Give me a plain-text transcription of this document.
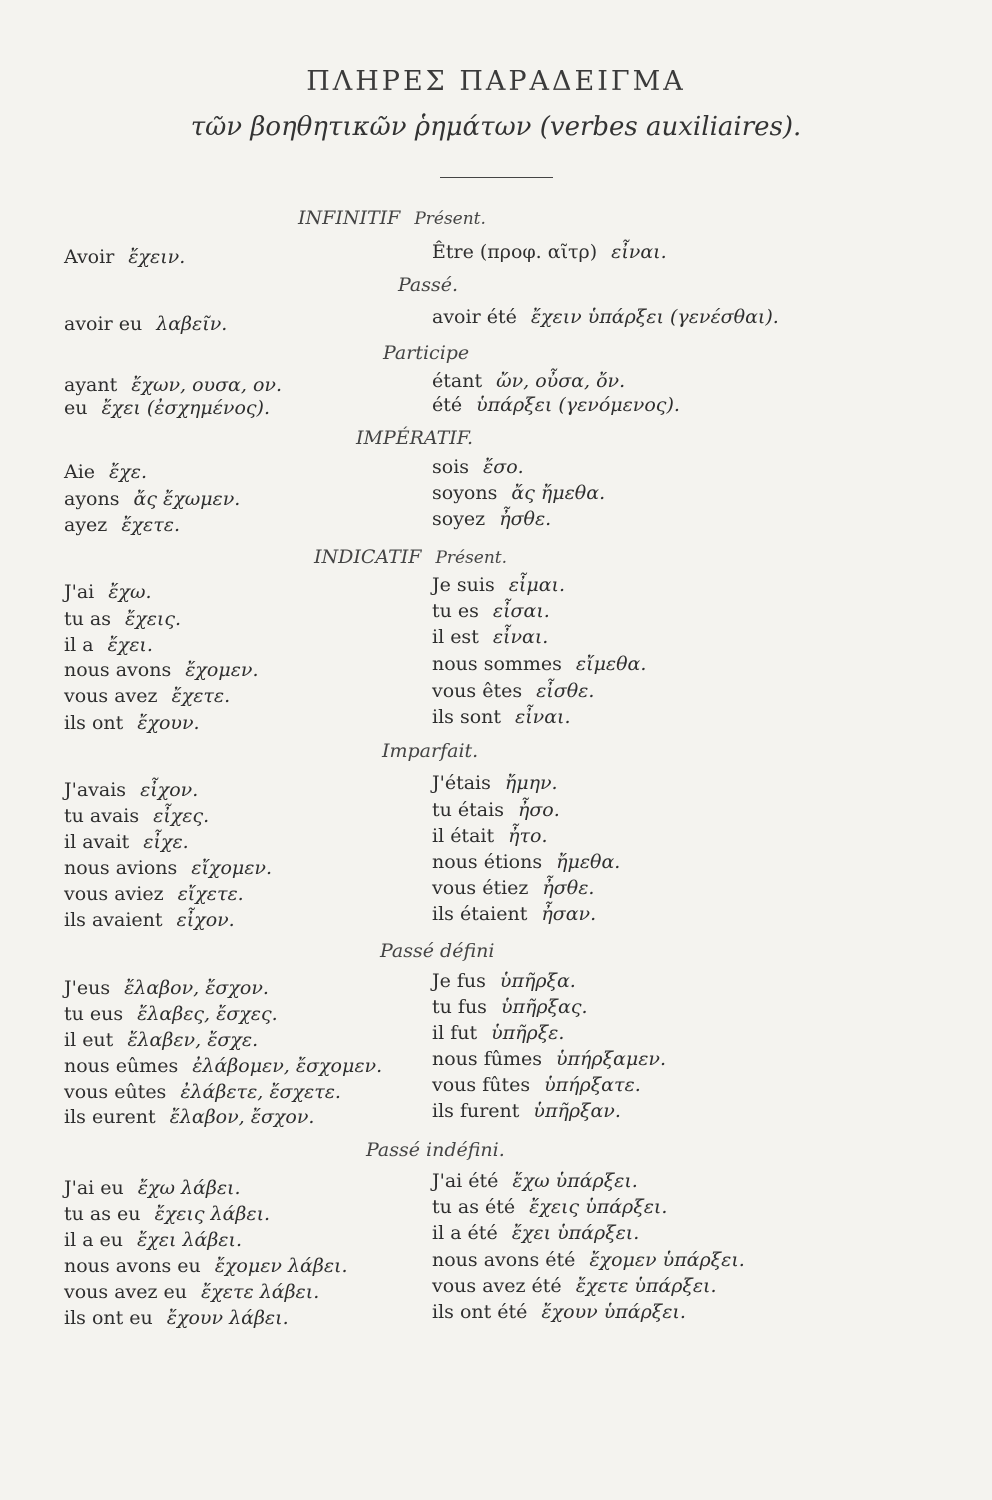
ΠΛΗΡΕΣ ΠΑΡΑΔΕΙΓΜΑ
τῶν βοηθητικῶν ῥημάτων (verbes auxiliaires).
INFINITIF Présent.
Passé.
Participe
IMPÉRATIF.
INDICATIF Présent.
Imparfait.
Passé défini
Passé indéfini.
Avoir ἔχειν.
avoir eu λαβεῖν.
ayant ἔχων, ουσα, ον.
eu ἔχει (ἐσχημένος).
Aie ἔχε.
ayons ἄς ἔχωμεν.
ayez ἔχετε.
J'ai ἔχω.
tu as ἔχεις.
il a ἔχει.
nous avons ἔχομεν.
vous avez ἔχετε.
ils ont ἔχουν.
J'avais εἶχον.
tu avais εἶχες.
il avait εἶχε.
nous avions εἴχομεν.
vous aviez εἴχετε.
ils avaient εἶχον.
J'eus ἔλαβον, ἔσχον.
tu eus ἔλαβες, ἔσχες.
il eut ἔλαβεν, ἔσχε.
nous eûmes ἐλάβομεν, ἔσχομεν.
vous eûtes ἐλάβετε, ἔσχετε.
ils eurent ἔλαβον, ἔσχον.
J'ai eu ἔχω λάβει.
tu as eu ἔχεις λάβει.
il a eu ἔχει λάβει.
nous avons eu ἔχομεν λάβει.
vous avez eu ἔχετε λάβει.
ils ont eu ἔχουν λάβει.
Être (προφ. αῖτρ) εἶναι.
avoir été ἔχειν ὑπάρξει (γενέσθαι).
étant ὤν, οὖσα, ὄν.
été ὑπάρξει (γενόμενος).
sois ἔσο.
soyons ἄς ἤμεθα.
soyez ἦσθε.
Je suis εἶμαι.
tu es εἶσαι.
il est εἶναι.
nous sommes εἴμεθα.
vous êtes εἶσθε.
ils sont εἶναι.
J'étais ἤμην.
tu étais ἦσο.
il était ἦτο.
nous étions ἤμεθα.
vous étiez ἦσθε.
ils étaient ἦσαν.
Je fus ὑπῆρξα.
tu fus ὑπῆρξας.
il fut ὑπῆρξε.
nous fûmes ὑπήρξαμεν.
vous fûtes ὑπήρξατε.
ils furent ὑπῆρξαν.
J'ai été ἔχω ὑπάρξει.
tu as été ἔχεις ὑπάρξει.
il a été ἔχει ὑπάρξει.
nous avons été ἔχομεν ὑπάρξει.
vous avez été ἔχετε ὑπάρξει.
ils ont été ἔχουν ὑπάρξει.
